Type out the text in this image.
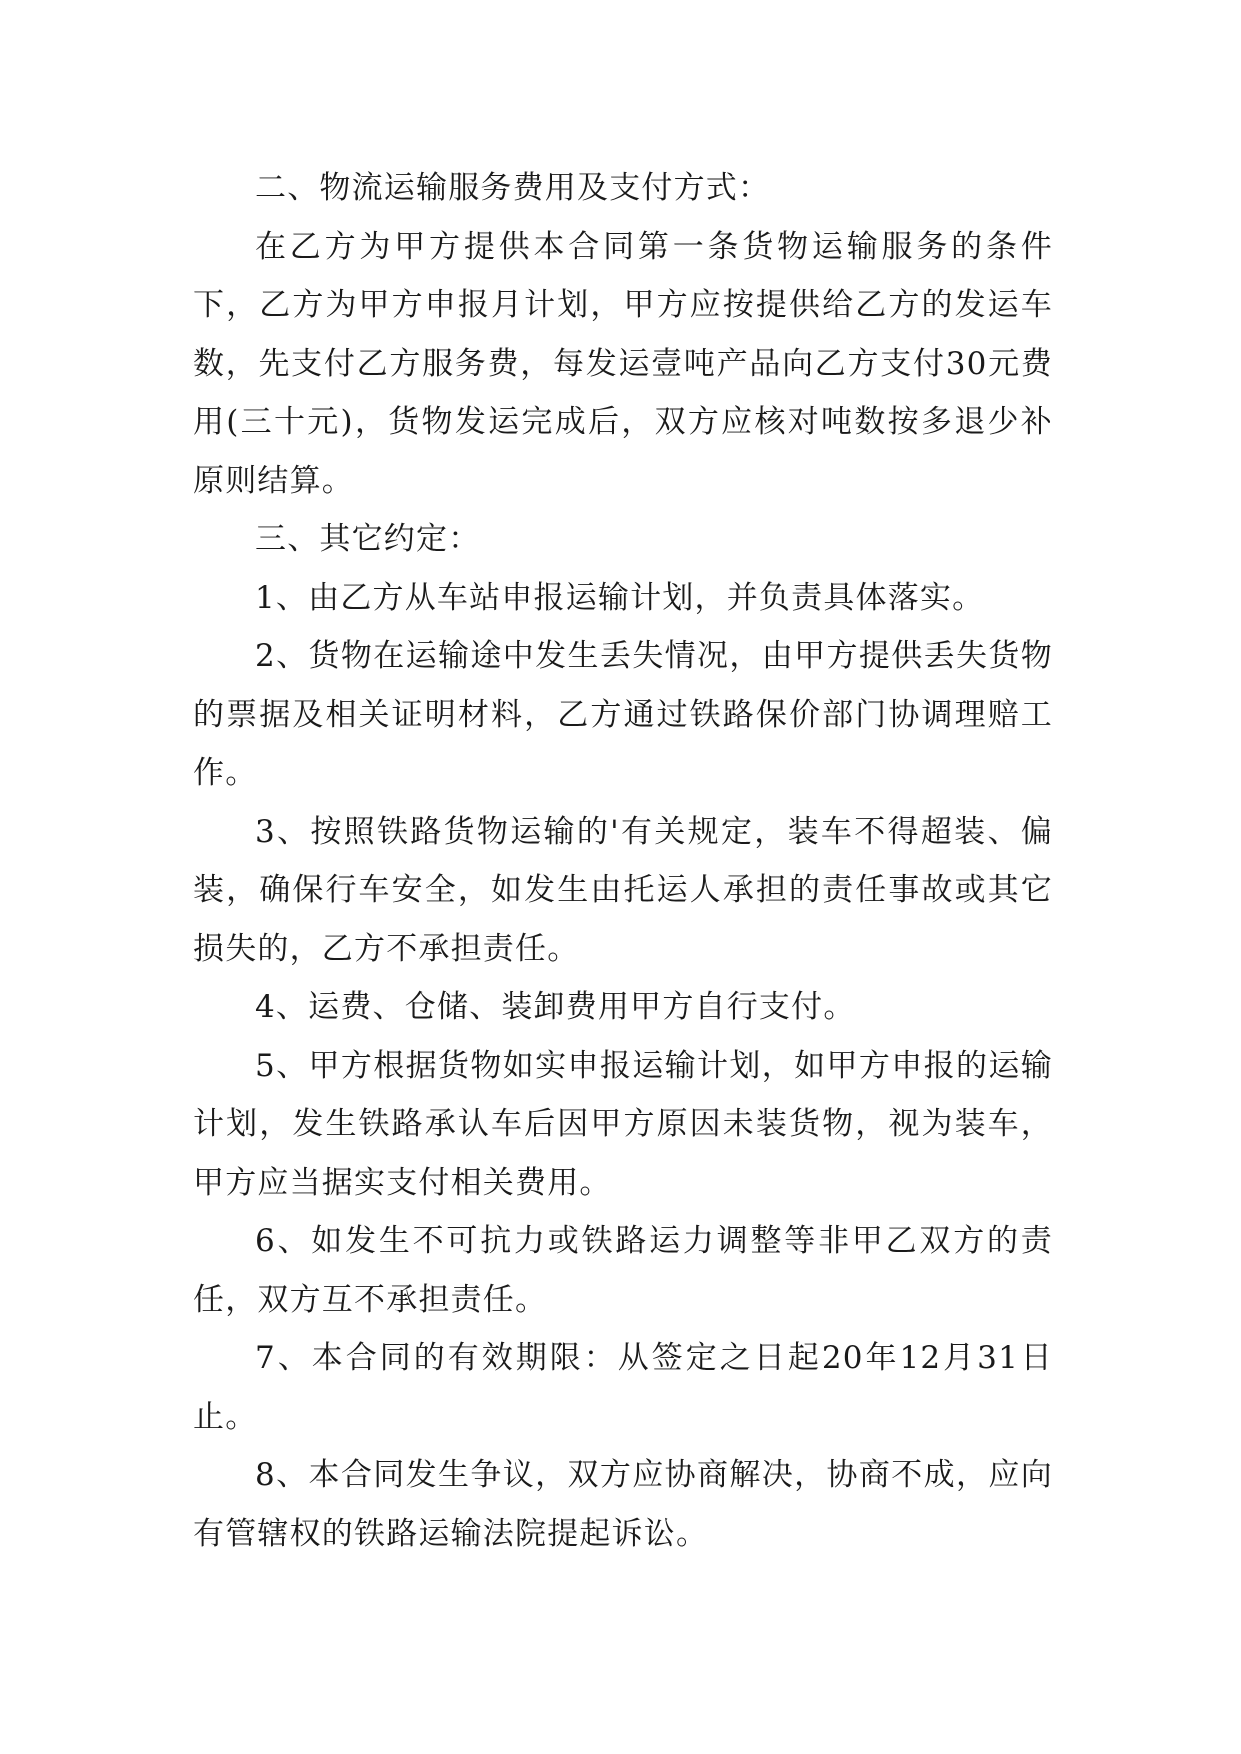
二、物流运输服务费用及支付方式：

在乙方为甲方提供本合同第一条货物运输服务的条件下，乙方为甲方申报月计划，甲方应按提供给乙方的发运车数，先支付乙方服务费，每发运壹吨产品向乙方支付30元费用(三十元)，货物发运完成后，双方应核对吨数按多退少补原则结算。

三、其它约定：

1、由乙方从车站申报运输计划，并负责具体落实。

2、货物在运输途中发生丢失情况，由甲方提供丢失货物的票据及相关证明材料，乙方通过铁路保价部门协调理赔工作。

3、按照铁路货物运输的'有关规定，装车不得超装、偏装，确保行车安全，如发生由托运人承担的责任事故或其它损失的，乙方不承担责任。

4、运费、仓储、装卸费用甲方自行支付。

5、甲方根据货物如实申报运输计划，如甲方申报的运输计划，发生铁路承认车后因甲方原因未装货物，视为装车，甲方应当据实支付相关费用。

6、如发生不可抗力或铁路运力调整等非甲乙双方的责任，双方互不承担责任。

7、本合同的有效期限：从签定之日起20年12月31日止。

8、本合同发生争议，双方应协商解决，协商不成，应向有管辖权的铁路运输法院提起诉讼。
